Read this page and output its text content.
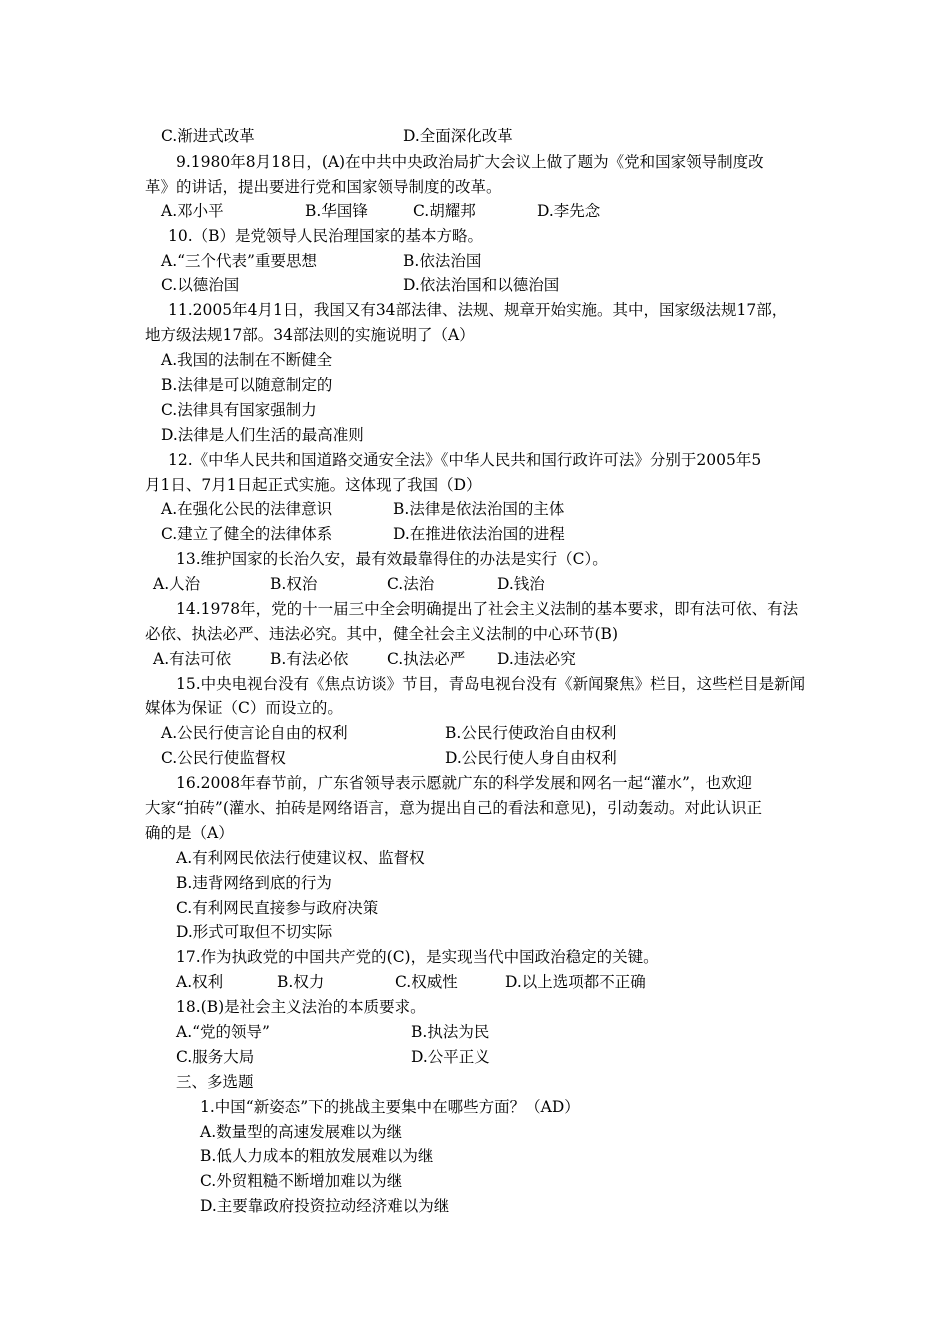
C.渐进式改革	D.全面深化改革
9.1980年8月18日，(A)在中共中央政治局扩大会议上做了题为《党和国家领导制度改
革》的讲话，提出要进行党和国家领导制度的改革。
A.邓小平	B.华国锋	C.胡耀邦	D.李先念
10.（B）是党领导人民治理国家的基本方略。
A.“三个代表”重要思想	B.依法治国
C.以德治国	D.依法治国和以德治国
11.2005年4月1日，我国又有34部法律、法规、规章开始实施。其中，国家级法规17部，
地方级法规17部。34部法则的实施说明了（A）
A.我国的法制在不断健全
B.法律是可以随意制定的
C.法律具有国家强制力
D.法律是人们生活的最高准则
12.《中华人民共和国道路交通安全法》《中华人民共和国行政许可法》分别于2005年5
月1日、7月1日起正式实施。这体现了我国（D）
A.在强化公民的法律意识	B.法律是依法治国的主体
C.建立了健全的法律体系	D.在推进依法治国的进程
13.维护国家的长治久安，最有效最靠得住的办法是实行（C）。
A.人治	B.权治	C.法治	D.钱治
14.1978年，党的十一届三中全会明确提出了社会主义法制的基本要求，即有法可依、有法
必依、执法必严、违法必究。其中，健全社会主义法制的中心环节(B)
A.有法可依	B.有法必依 C.执法必严 D.违法必究
15.中央电视台没有《焦点访谈》节目，青岛电视台没有《新闻聚焦》栏目，这些栏目是新闻
媒体为保证（C）而设立的。
A.公民行使言论自由的权利	B.公民行使政治自由权利
C.公民行使监督权	D.公民行使人身自由权利
16.2008年春节前，广东省领导表示愿就广东的科学发展和网名一起“灌水”，也欢迎
大家“拍砖”(灌水、拍砖是网络语言，意为提出自己的看法和意见)，引动轰动。对此认识正
确的是（A）
A.有利网民依法行使建议权、监督权
B.违背网络到底的行为
C.有利网民直接参与政府决策
D.形式可取但不切实际
17.作为执政党的中国共产党的(C)，是实现当代中国政治稳定的关键。
A.权利	B.权力	C.权威性	D.以上选项都不正确
18.(B)是社会主义法治的本质要求。
A.“党的领导”	B.执法为民
C.服务大局	D.公平正义
三、多选题
1.中国“新姿态”下的挑战主要集中在哪些方面？（AD）
A.数量型的高速发展难以为继
B.低人力成本的粗放发展难以为继
C.外贸粗糙不断增加难以为继
D.主要靠政府投资拉动经济难以为继
